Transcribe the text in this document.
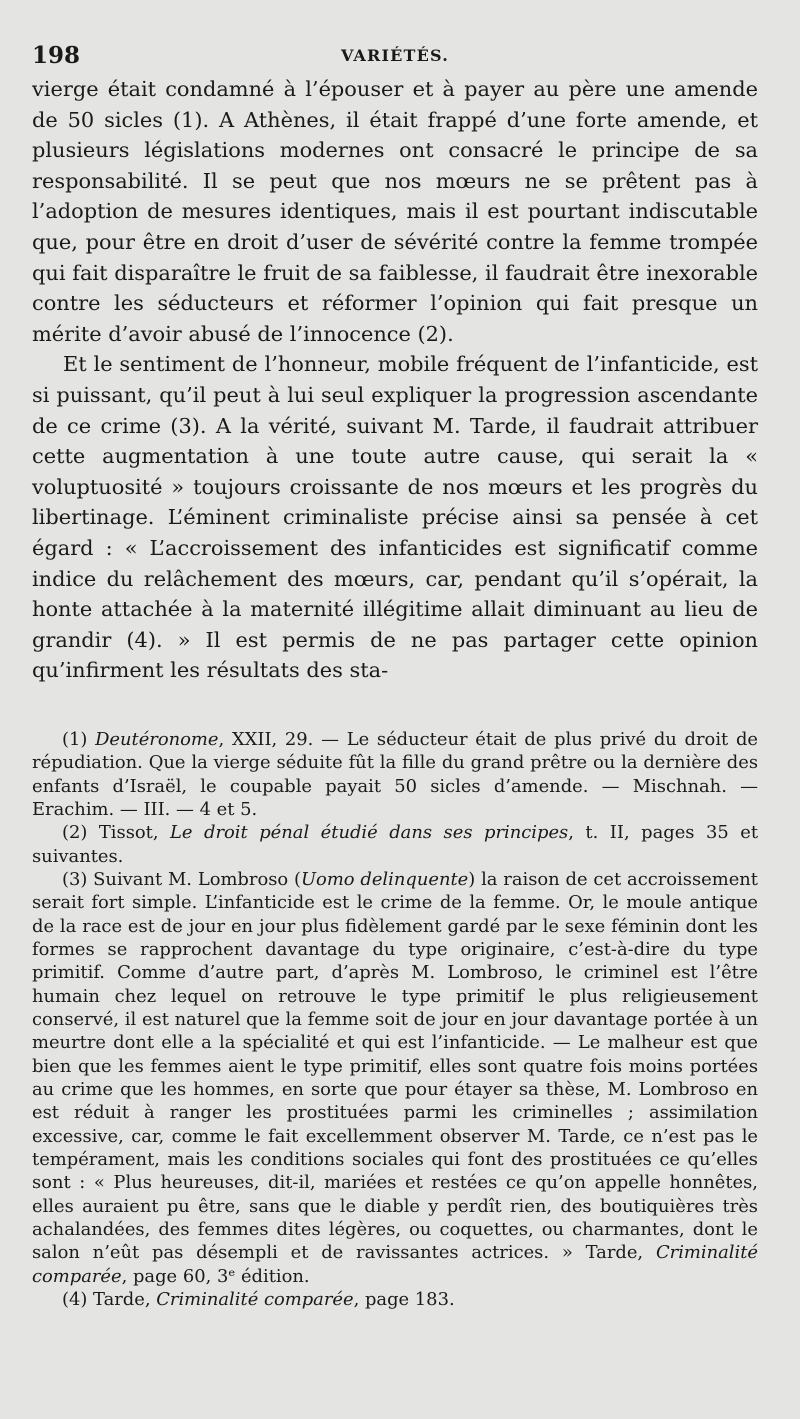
198	VARIÉTÉS.

vierge était condamné à l’épouser et à payer au père une amende de 50 sicles (1). A Athènes, il était frappé d’une forte amende, et plusieurs législations modernes ont consacré le principe de sa responsabilité. Il se peut que nos mœurs ne se prêtent pas à l’adoption de mesures identiques, mais il est pourtant indiscutable que, pour être en droit d’user de sévérité contre la femme trompée qui fait disparaître le fruit de sa faiblesse, il faudrait être inexorable contre les séducteurs et réformer l’opinion qui fait presque un mérite d’avoir abusé de l’innocence (2).

Et le sentiment de l’honneur, mobile fréquent de l’infanticide, est si puissant, qu’il peut à lui seul expliquer la progression ascendante de ce crime (3). A la vérité, suivant M. Tarde, il faudrait attribuer cette augmentation à une toute autre cause, qui serait la « voluptuosité » toujours croissante de nos mœurs et les progrès du libertinage. L’éminent criminaliste précise ainsi sa pensée à cet égard : « L’accroissement des infanticides est significatif comme indice du relâchement des mœurs, car, pendant qu’il s’opérait, la honte attachée à la maternité illégitime allait diminuant au lieu de grandir (4). » Il est permis de ne pas partager cette opinion qu’infirment les résultats des sta-

(1) Deutéronome, XXII, 29. — Le séducteur était de plus privé du droit de répudiation. Que la vierge séduite fût la fille du grand prêtre ou la dernière des enfants d’Israël, le coupable payait 50 sicles d’amende. — Mischnah. — Erachim. — III. — 4 et 5.

(2) Tissot, Le droit pénal étudié dans ses principes, t. II, pages 35 et suivantes.

(3) Suivant M. Lombroso (Uomo delinquente) la raison de cet accroissement serait fort simple. L’infanticide est le crime de la femme. Or, le moule antique de la race est de jour en jour plus fidèlement gardé par le sexe féminin dont les formes se rapprochent davantage du type originaire, c’est-à-dire du type primitif. Comme d’autre part, d’après M. Lombroso, le criminel est l’être humain chez lequel on retrouve le type primitif le plus religieusement conservé, il est naturel que la femme soit de jour en jour davantage portée à un meurtre dont elle a la spécialité et qui est l’infanticide. — Le malheur est que bien que les femmes aient le type primitif, elles sont quatre fois moins portées au crime que les hommes, en sorte que pour étayer sa thèse, M. Lombroso en est réduit à ranger les prostituées parmi les criminelles ; assimilation excessive, car, comme le fait excellemment observer M. Tarde, ce n’est pas le tempérament, mais les conditions sociales qui font des prostituées ce qu’elles sont : « Plus heureuses, dit-il, mariées et restées ce qu’on appelle honnêtes, elles auraient pu être, sans que le diable y perdît rien, des boutiquières très achalandées, des femmes dites légères, ou coquettes, ou charmantes, dont le salon n’eût pas désempli et de ravissantes actrices. » Tarde, Criminalité comparée, page 60, 3ᵉ édition.

(4) Tarde, Criminalité comparée, page 183.
